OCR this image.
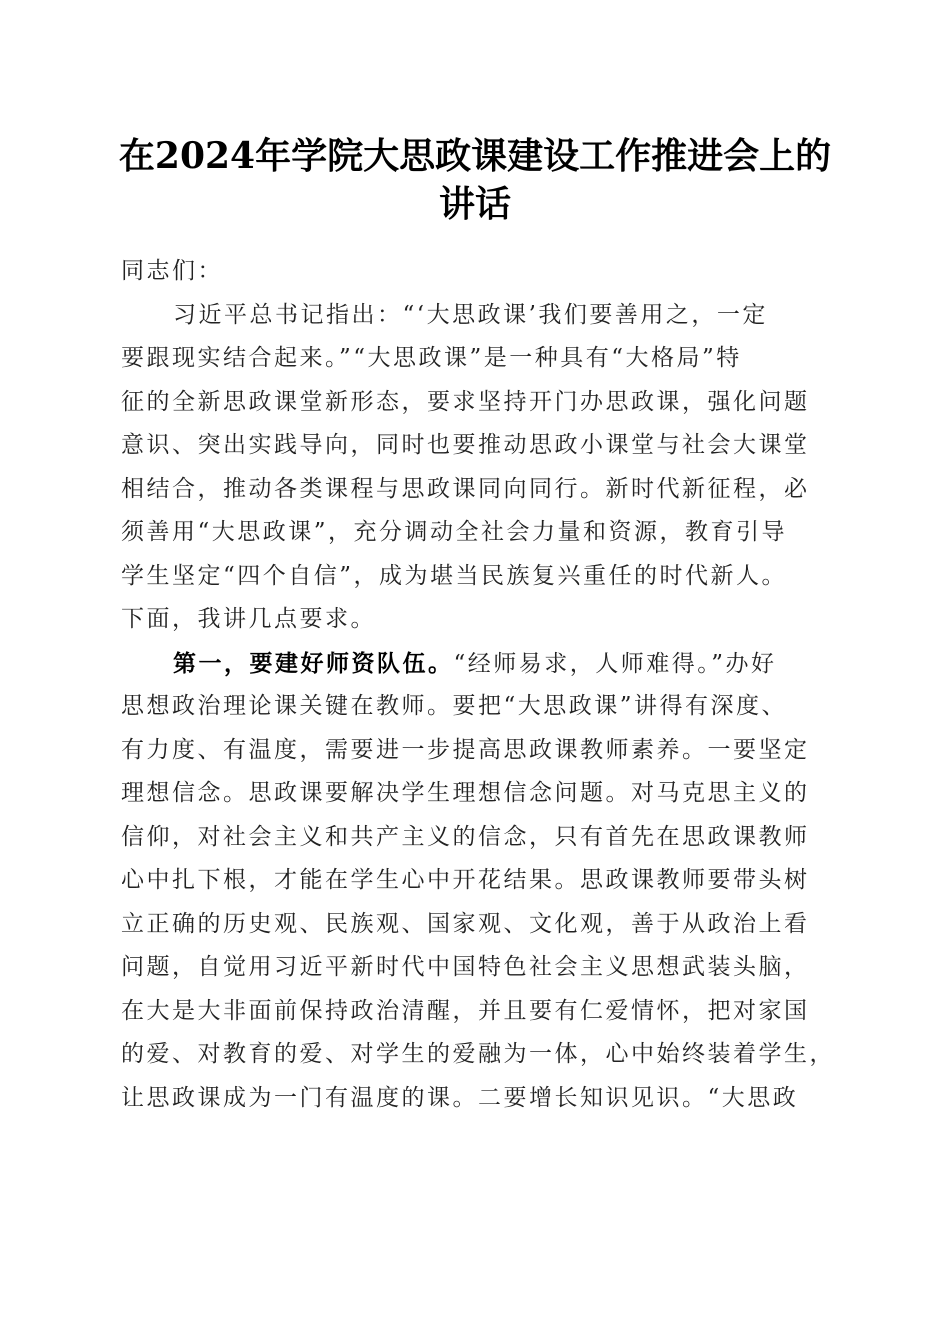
在2024年学院大思政课建设工作推进会上的
讲话
同志们：
习近平总书记指出：“‘大思政课’我们要善用之，一定
要跟现实结合起来。”“大思政课”是一种具有“大格局”特
征的全新思政课堂新形态，要求坚持开门办思政课，强化问题
意识、突出实践导向，同时也要推动思政小课堂与社会大课堂
相结合，推动各类课程与思政课同向同行。新时代新征程，必
须善用“大思政课”，充分调动全社会力量和资源，教育引导
学生坚定“四个自信”，成为堪当民族复兴重任的时代新人。
下面，我讲几点要求。
第一，要建好师资队伍。“经师易求，人师难得。”办好
思想政治理论课关键在教师。要把“大思政课”讲得有深度、
有力度、有温度，需要进一步提高思政课教师素养。一要坚定
理想信念。思政课要解决学生理想信念问题。对马克思主义的
信仰，对社会主义和共产主义的信念，只有首先在思政课教师
心中扎下根，才能在学生心中开花结果。思政课教师要带头树
立正确的历史观、民族观、国家观、文化观，善于从政治上看
问题，自觉用习近平新时代中国特色社会主义思想武装头脑，
在大是大非面前保持政治清醒，并且要有仁爱情怀，把对家国
的爱、对教育的爱、对学生的爱融为一体，心中始终装着学生，
让思政课成为一门有温度的课。二要增长知识见识。“大思政
